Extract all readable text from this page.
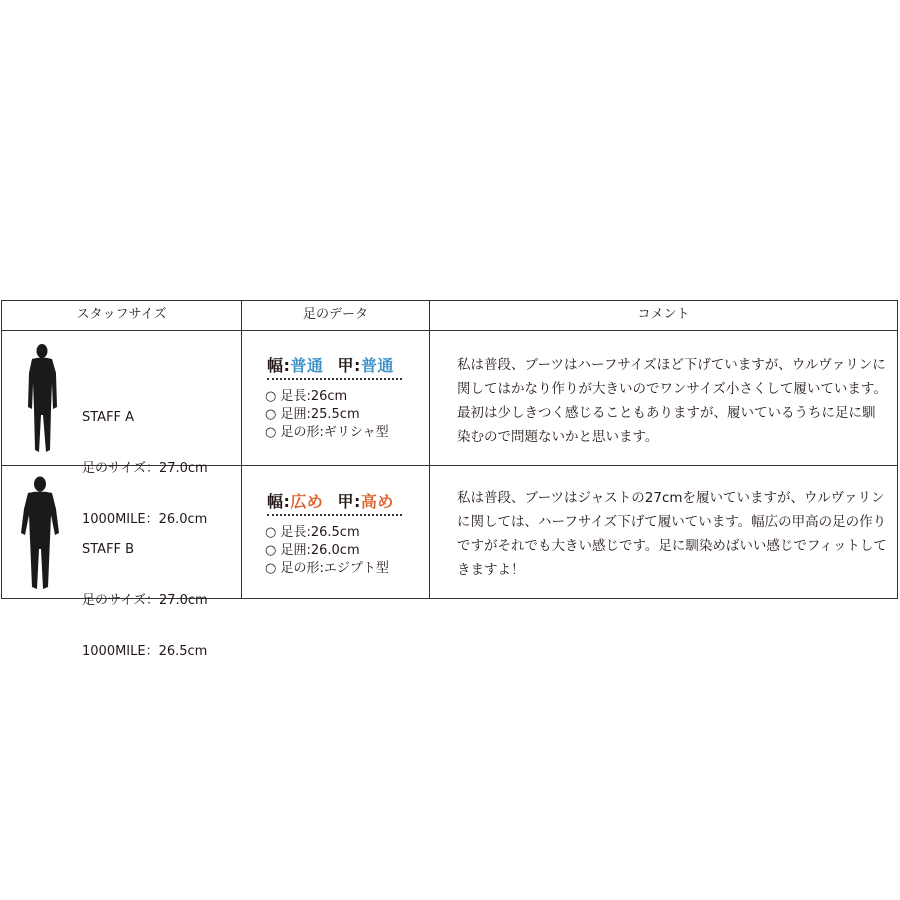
スタッフサイズ	足のデータ	コメント

STAFF A

足のサイズ：27.0cm

1000MILE：26.0cm

幅:普通 甲:普通
○ 足長:26cm
○ 足囲:25.5cm
○ 足の形:ギリシャ型
私は普段、ブーツはハーフサイズほど下げていますが、ウルヴァリンに関してはかなり作りが大きいのでワンサイズ小さくして履いています。最初は少しきつく感じることもありますが、履いているうちに足に馴染むので問題ないかと思います。

STAFF B

足のサイズ：27.0cm

1000MILE：26.5cm

幅:広め 甲:高め
○ 足長:26.5cm
○ 足囲:26.0cm
○ 足の形:エジプト型
私は普段、ブーツはジャストの27cmを履いていますが、ウルヴァリンに関しては、ハーフサイズ下げて履いています。幅広の甲高の足の作りですがそれでも大きい感じです。足に馴染めばいい感じでフィットしてきますよ！
